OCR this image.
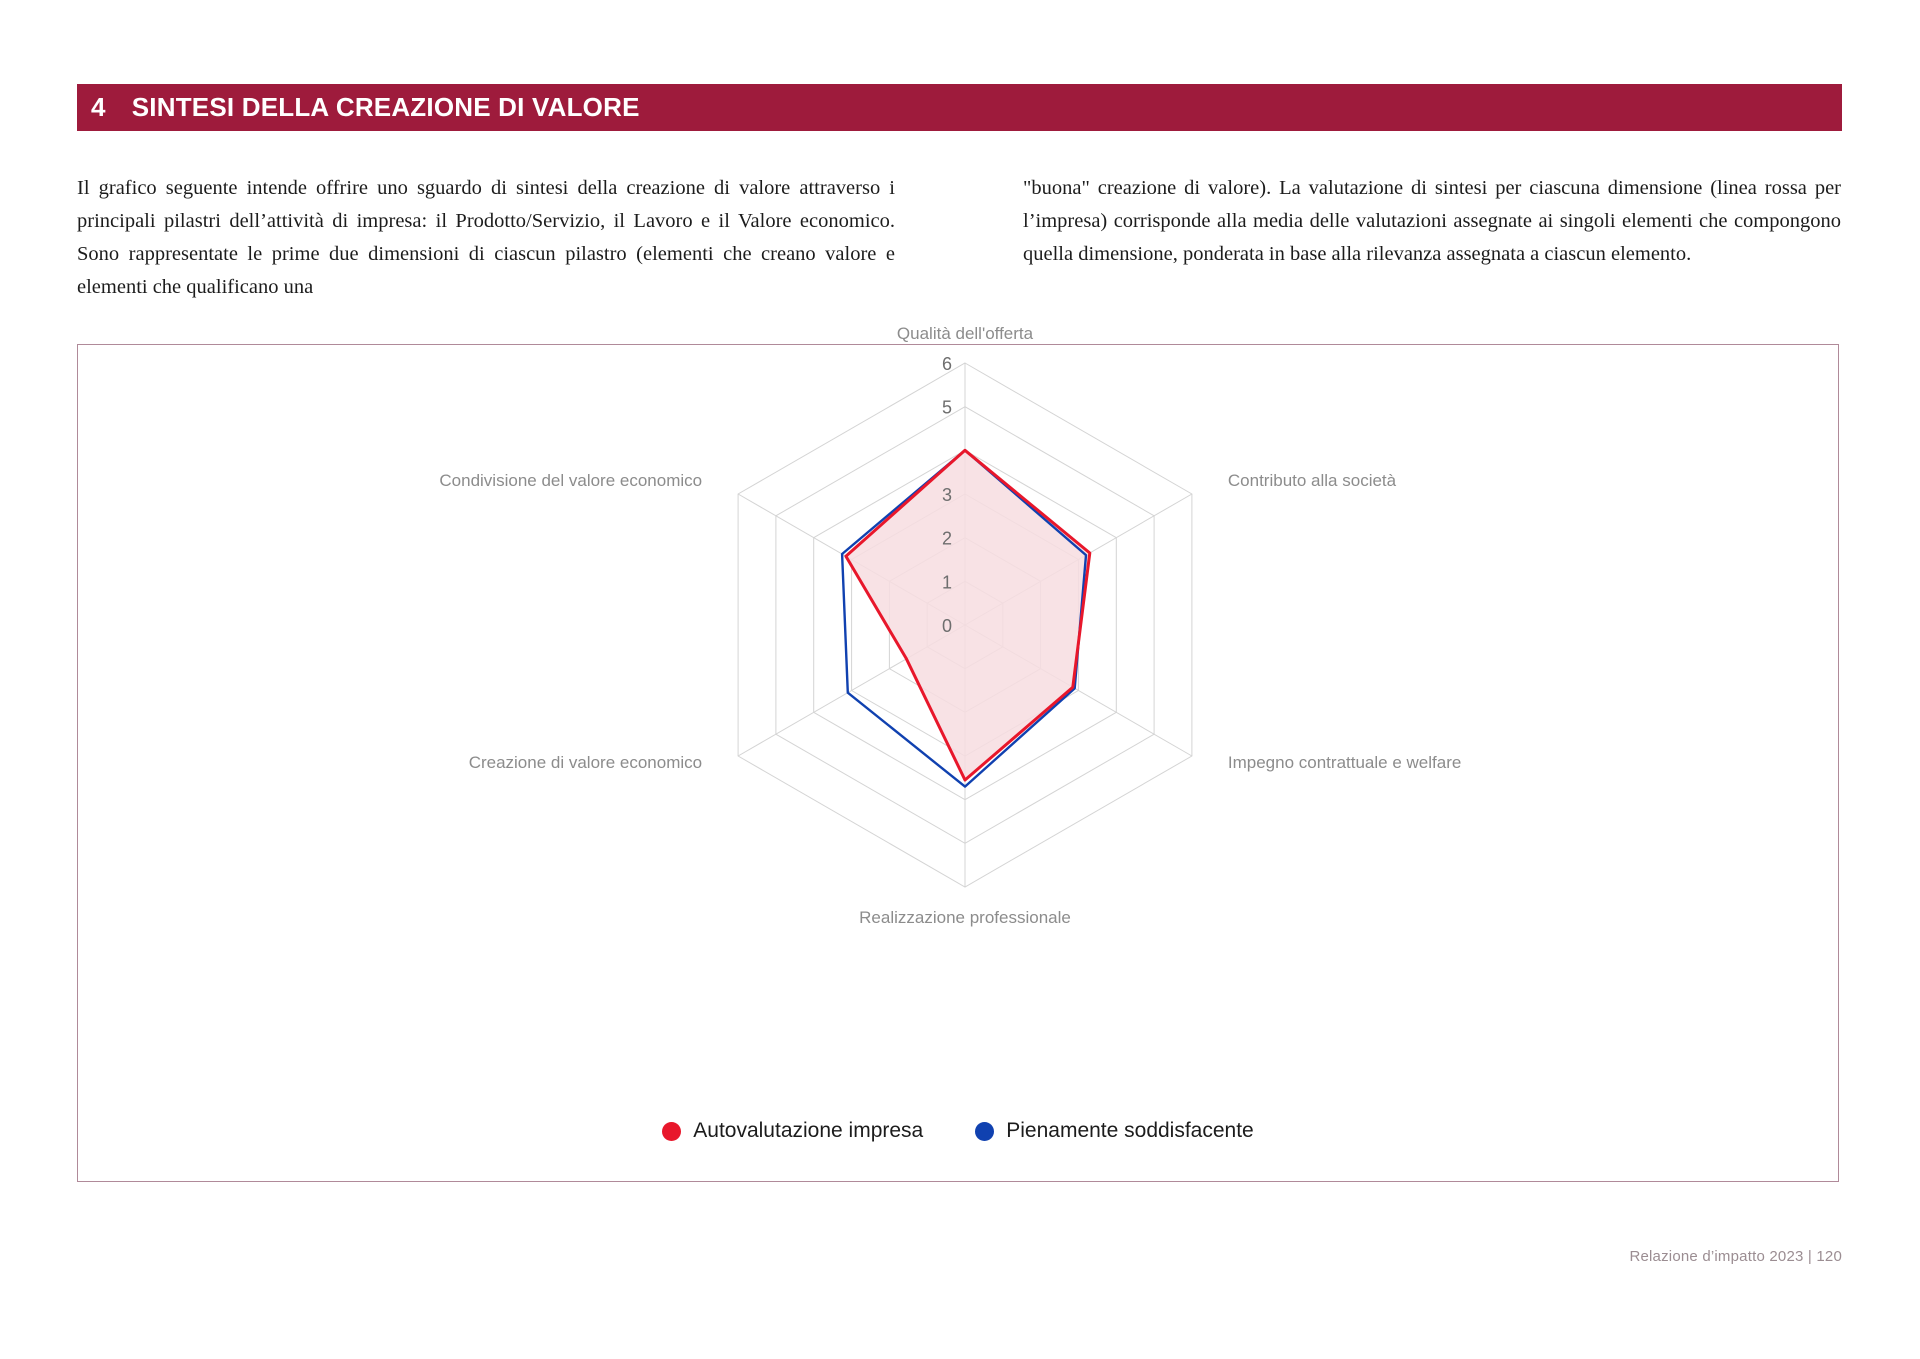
4 SINTESI DELLA CREAZIONE DI VALORE

Il grafico seguente intende offrire uno sguardo di sintesi della creazione di valore attraverso i principali pilastri dell’attività di impresa: il Prodotto/Servizio, il Lavoro e il Valore economico. Sono rappresentate le prime due dimensioni di ciascun pilastro (elementi che creano valore e elementi che qualificano una

"buona" creazione di valore). La valutazione di sintesi per ciascuna dimensione (linea rossa per l’impresa) corrisponde alla media delle valutazioni assegnate ai singoli elementi che compongono quella dimensione, ponderata in base alla rilevanza assegnata a ciascun elemento.

0
1
2
3
5
6
Qualità dell'offerta
Contributo alla società
Impegno contrattuale e welfare
Realizzazione professionale
Creazione di valore economico
Condivisione del valore economico
Autovalutazione impresa	Pienamente soddisfacente
Relazione d’impatto 2023 | 120
